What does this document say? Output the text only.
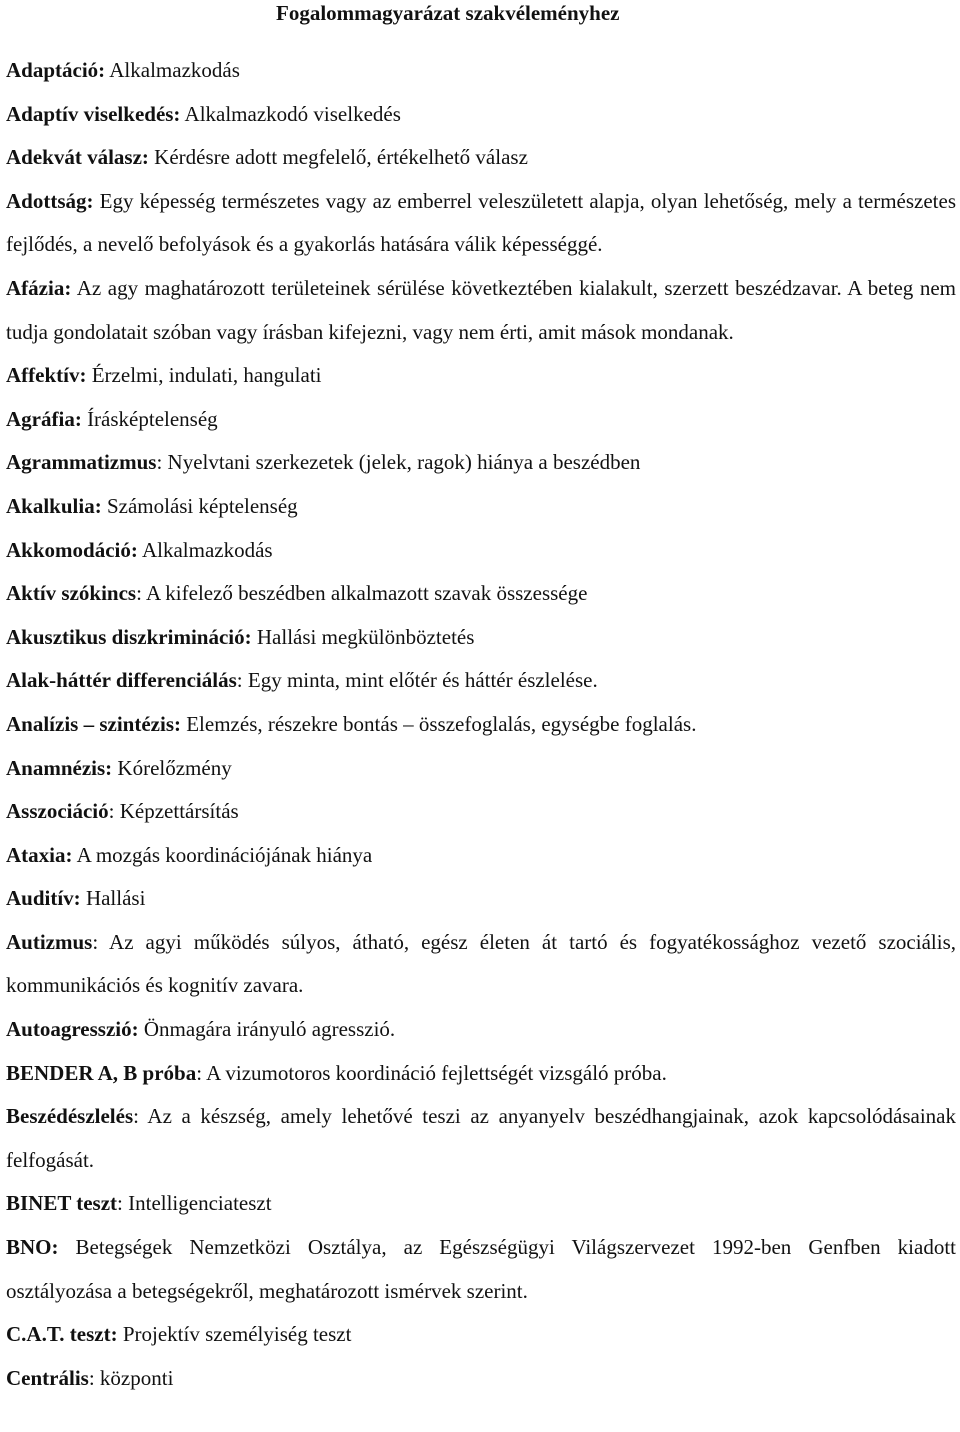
Fogalommagyarázat szakvéleményhez

Adaptáció: Alkalmazkodás

Adaptív viselkedés: Alkalmazkodó viselkedés

Adekvát válasz: Kérdésre adott megfelelő, értékelhető válasz

Adottság: Egy képesség természetes vagy az emberrel veleszületett alapja, olyan lehetőség, mely a természetes fejlődés, a nevelő befolyások és a gyakorlás hatására válik képességgé.

Afázia: Az agy maghatározott területeinek sérülése következtében kialakult, szerzett beszédzavar. A beteg nem tudja gondolatait szóban vagy írásban kifejezni, vagy nem érti, amit mások mondanak.

Affektív: Érzelmi, indulati, hangulati

Agráfia: Írásképtelenség

Agrammatizmus: Nyelvtani szerkezetek (jelek, ragok) hiánya a beszédben

Akalkulia: Számolási képtelenség

Akkomodáció: Alkalmazkodás

Aktív szókincs: A kifelező beszédben alkalmazott szavak összessége

Akusztikus diszkrimináció: Hallási megkülönböztetés

Alak-háttér differenciálás: Egy minta, mint előtér és háttér észlelése.

Analízis – szintézis: Elemzés, részekre bontás – összefoglalás, egységbe foglalás.

Anamnézis: Kórelőzmény

Asszociáció: Képzettársítás

Ataxia: A mozgás koordinációjának hiánya

Auditív: Hallási

Autizmus: Az agyi működés súlyos, átható, egész életen át tartó és fogyatékossághoz vezető szociális, kommunikációs és kognitív zavara.

Autoagresszió: Önmagára irányuló agresszió.

BENDER A, B próba: A vizumotoros koordináció fejlettségét vizsgáló próba.

Beszédészlelés: Az a készség, amely lehetővé teszi az anyanyelv beszédhangjainak, azok kapcsolódásainak felfogását.

BINET teszt: Intelligenciateszt

BNO: Betegségek Nemzetközi Osztálya, az Egészségügyi Világszervezet 1992-ben Genfben kiadott osztályozása a betegségekről, meghatározott ismérvek szerint.

C.A.T. teszt: Projektív személyiség teszt

Centrális: központi
